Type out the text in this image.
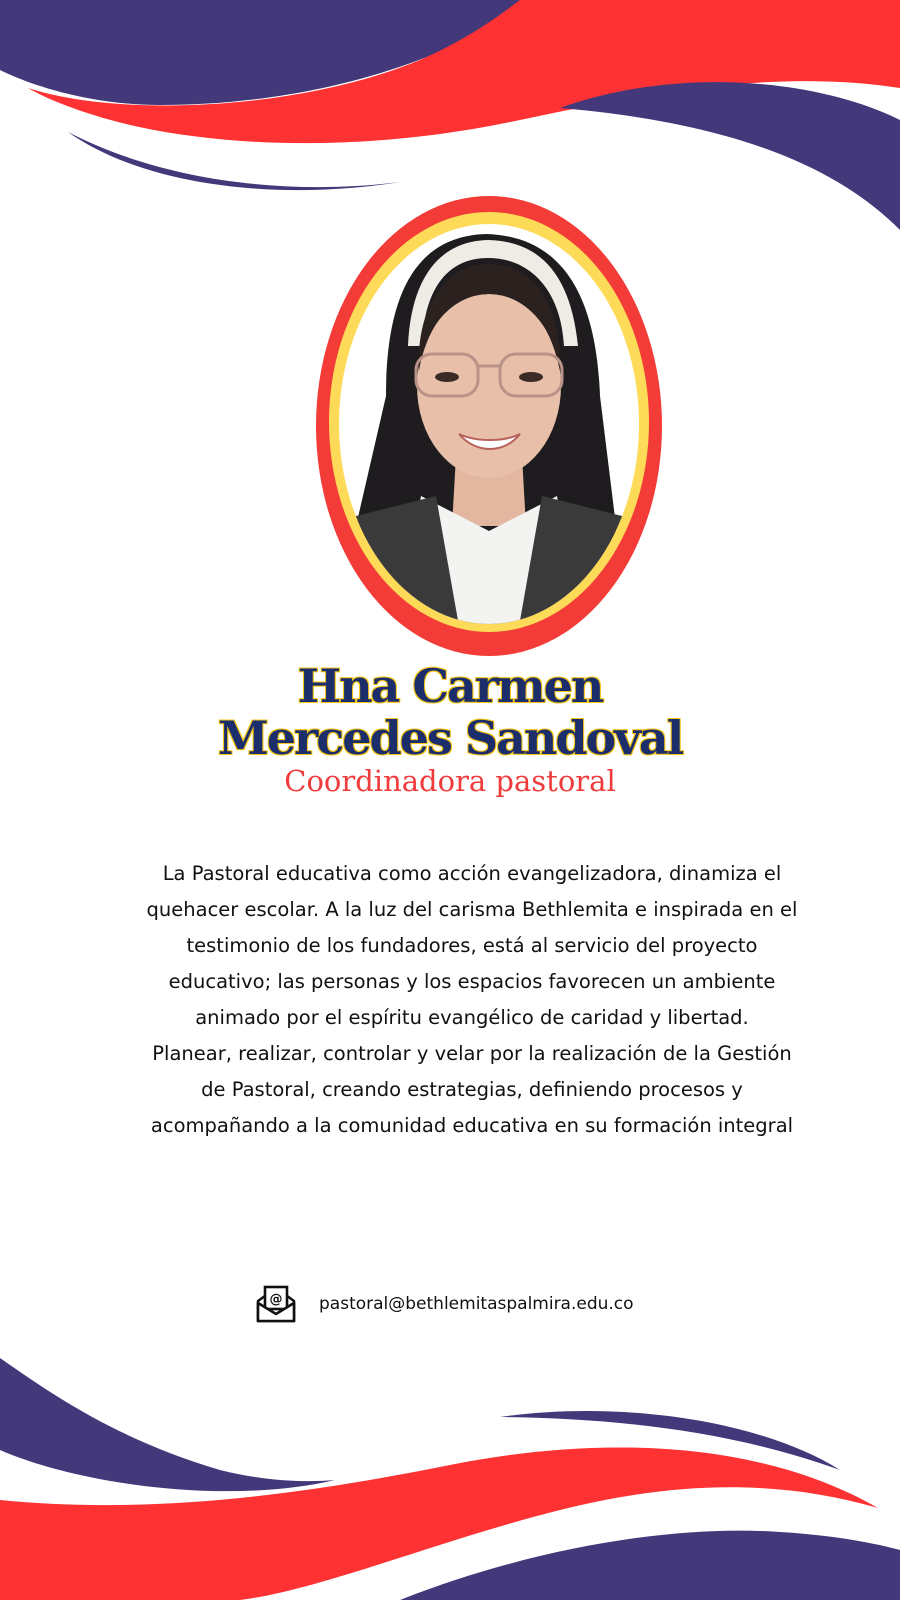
Hna Carmen
Mercedes Sandoval
Coordinadora pastoral

La Pastoral educativa como acción evangelizadora, dinamiza el quehacer escolar. A la luz del carisma Bethlemita e inspirada en el testimonio de los fundadores, está al servicio del proyecto educativo; las personas y los espacios favorecen un ambiente animado por el espíritu evangélico de caridad y libertad.

Planear, realizar, controlar y velar por la realización de la Gestión de Pastoral, creando estrategias, definiendo procesos y acompañando a la comunidad educativa en su formación integral

@ pastoral@bethlemitaspalmira.edu.co
